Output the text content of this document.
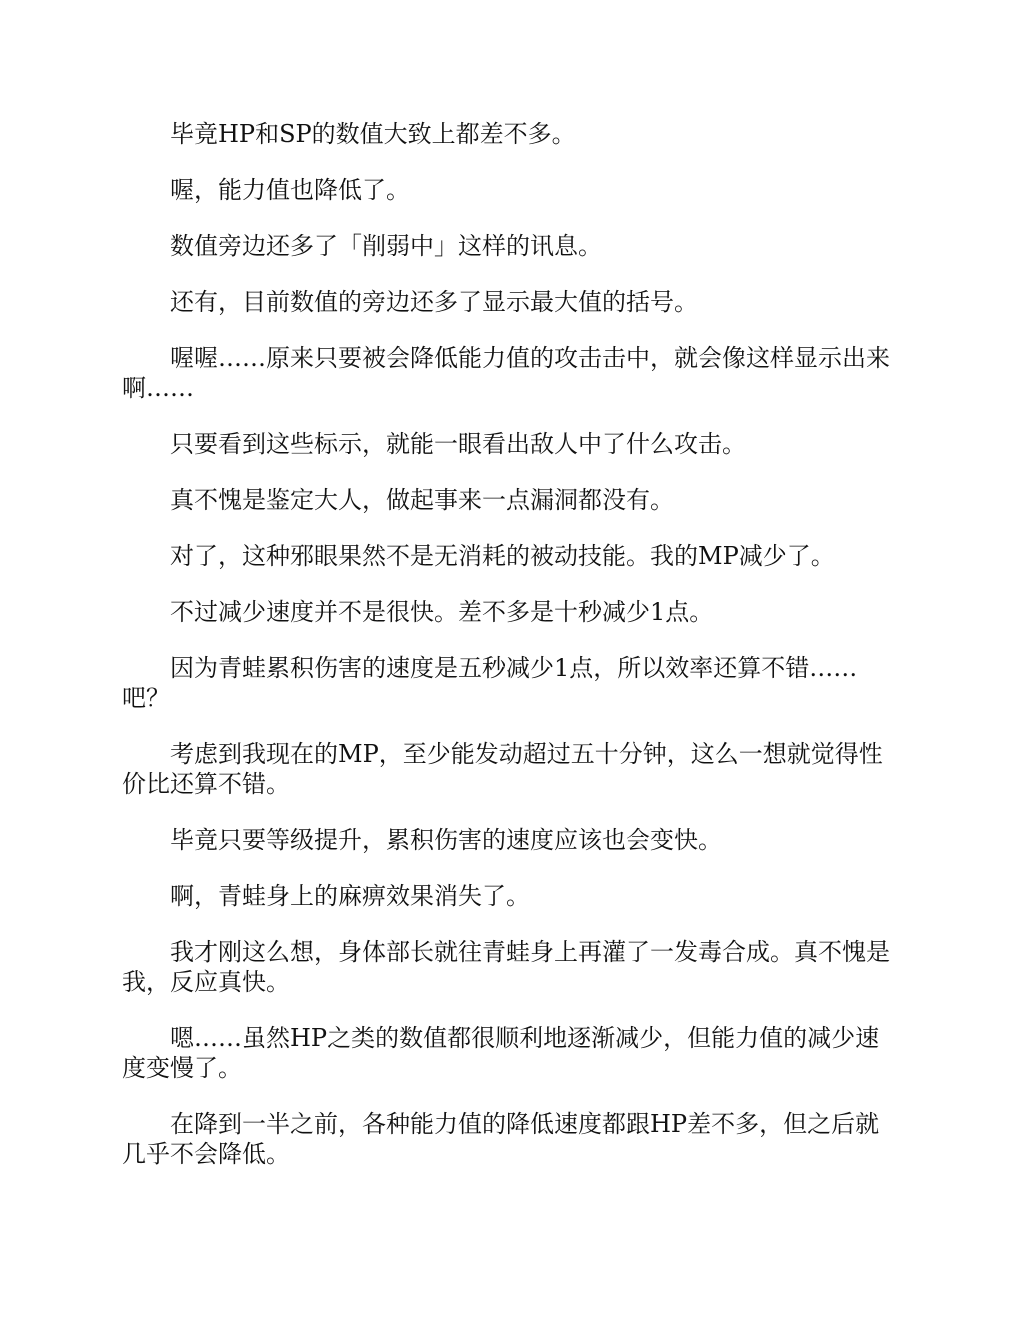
毕竟HP和SP的数值大致上都差不多。

喔，能力值也降低了。

数值旁边还多了「削弱中」这样的讯息。

还有，目前数值的旁边还多了显示最大值的括号。

喔喔……原来只要被会降低能力值的攻击击中，就会像这样显示出来啊……

只要看到这些标示，就能一眼看出敌人中了什么攻击。

真不愧是鉴定大人，做起事来一点漏洞都没有。

对了，这种邪眼果然不是无消耗的被动技能。我的MP减少了。

不过减少速度并不是很快。差不多是十秒减少1点。

因为青蛙累积伤害的速度是五秒减少1点，所以效率还算不错……吧？

考虑到我现在的MP，至少能发动超过五十分钟，这么一想就觉得性价比还算不错。

毕竟只要等级提升，累积伤害的速度应该也会变快。

啊，青蛙身上的麻痹效果消失了。

我才刚这么想，身体部长就往青蛙身上再灌了一发毒合成。真不愧是我，反应真快。

嗯……虽然HP之类的数值都很顺利地逐渐减少，但能力值的减少速度变慢了。

在降到一半之前，各种能力值的降低速度都跟HP差不多，但之后就几乎不会降低。
